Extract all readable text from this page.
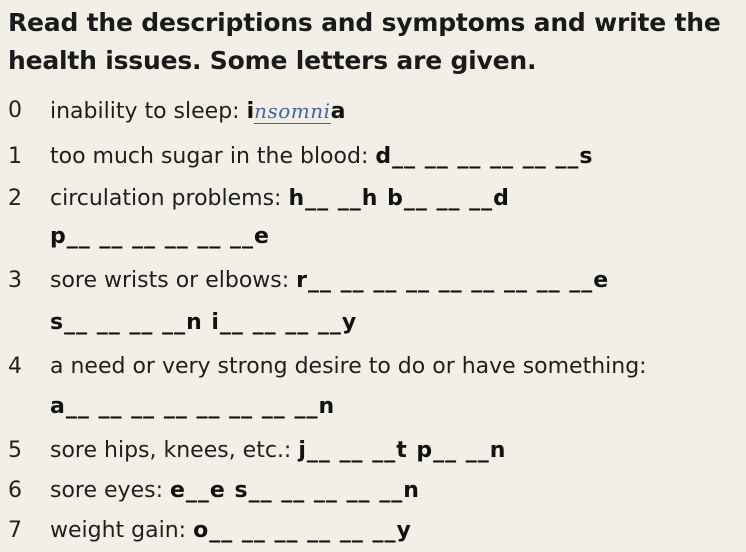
Read the descriptions and symptoms and write the health issues. Some letters are given.
0 inability to sleep: insomnia
1 too much sugar in the blood: d__ __ __ __ __ __s
2 circulation problems: h__ __h b__ __ __d
p__ __ __ __ __ __e
3 sore wrists or elbows: r__ __ __ __ __ __ __ __ __e
s__ __ __ __n i__ __ __ __y
4 a need or very strong desire to do or have something:
a__ __ __ __ __ __ __ __n
5 sore hips, knees, etc.: j__ __ __t p__ __n
6 sore eyes: e__e s__ __ __ __ __n
7 weight gain: o__ __ __ __ __ __y
